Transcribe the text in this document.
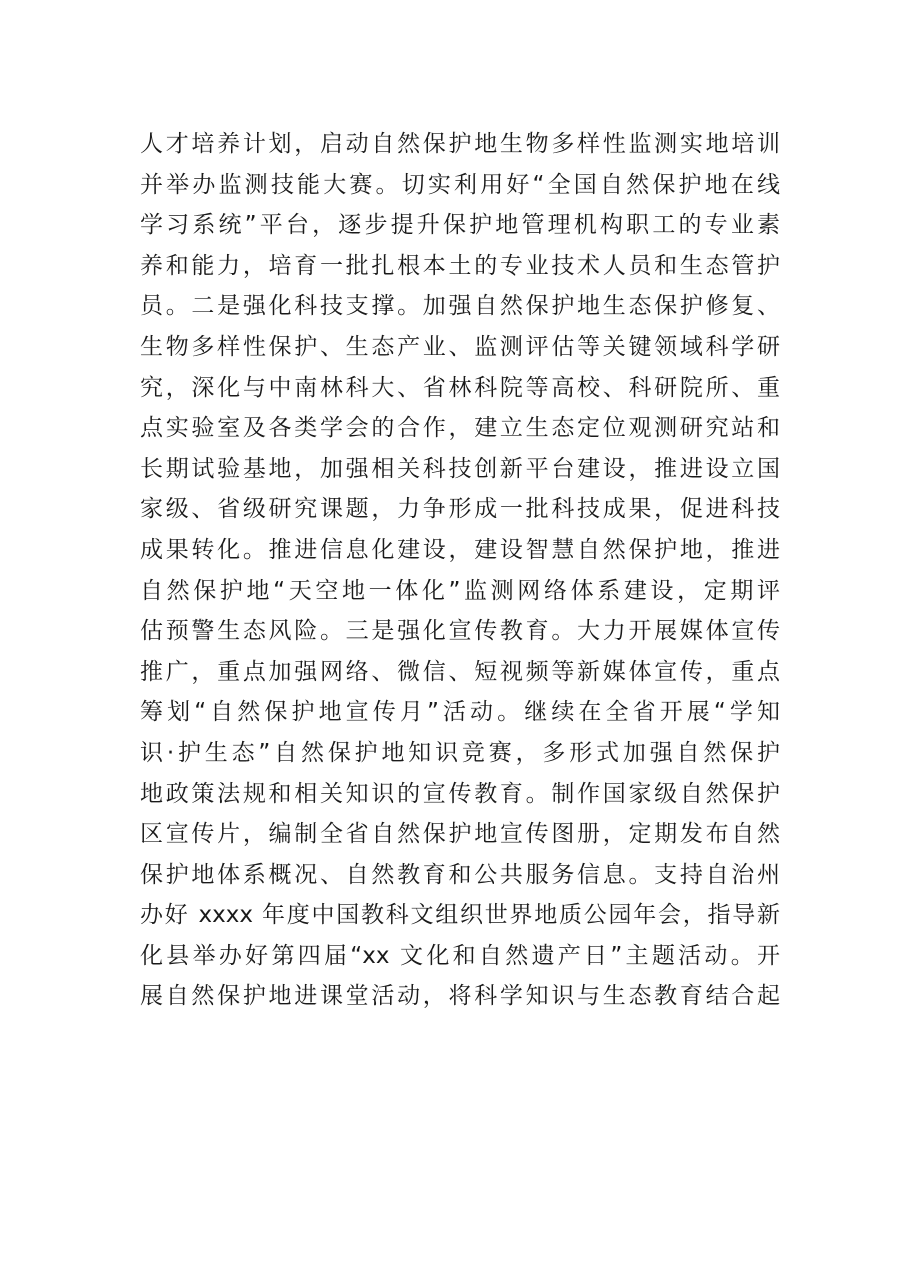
人才培养计划，启动自然保护地生物多样性监测实地培训
并举办监测技能大赛。切实利用好“全国自然保护地在线
学习系统”平台，逐步提升保护地管理机构职工的专业素
养和能力，培育一批扎根本土的专业技术人员和生态管护
员。二是强化科技支撑。加强自然保护地生态保护修复、
生物多样性保护、生态产业、监测评估等关键领域科学研
究，深化与中南林科大、省林科院等高校、科研院所、重
点实验室及各类学会的合作，建立生态定位观测研究站和
长期试验基地，加强相关科技创新平台建设，推进设立国
家级、省级研究课题，力争形成一批科技成果，促进科技
成果转化。推进信息化建设，建设智慧自然保护地，推进
自然保护地“天空地一体化”监测网络体系建设，定期评
估预警生态风险。三是强化宣传教育。大力开展媒体宣传
推广，重点加强网络、微信、短视频等新媒体宣传，重点
筹划“自然保护地宣传月”活动。继续在全省开展“学知
识·护生态”自然保护地知识竞赛，多形式加强自然保护
地政策法规和相关知识的宣传教育。制作国家级自然保护
区宣传片，编制全省自然保护地宣传图册，定期发布自然
保护地体系概况、自然教育和公共服务信息。支持自治州
办好 xxxx 年度中国教科文组织世界地质公园年会，指导新
化县举办好第四届“xx 文化和自然遗产日”主题活动。开
展自然保护地进课堂活动，将科学知识与生态教育结合起
